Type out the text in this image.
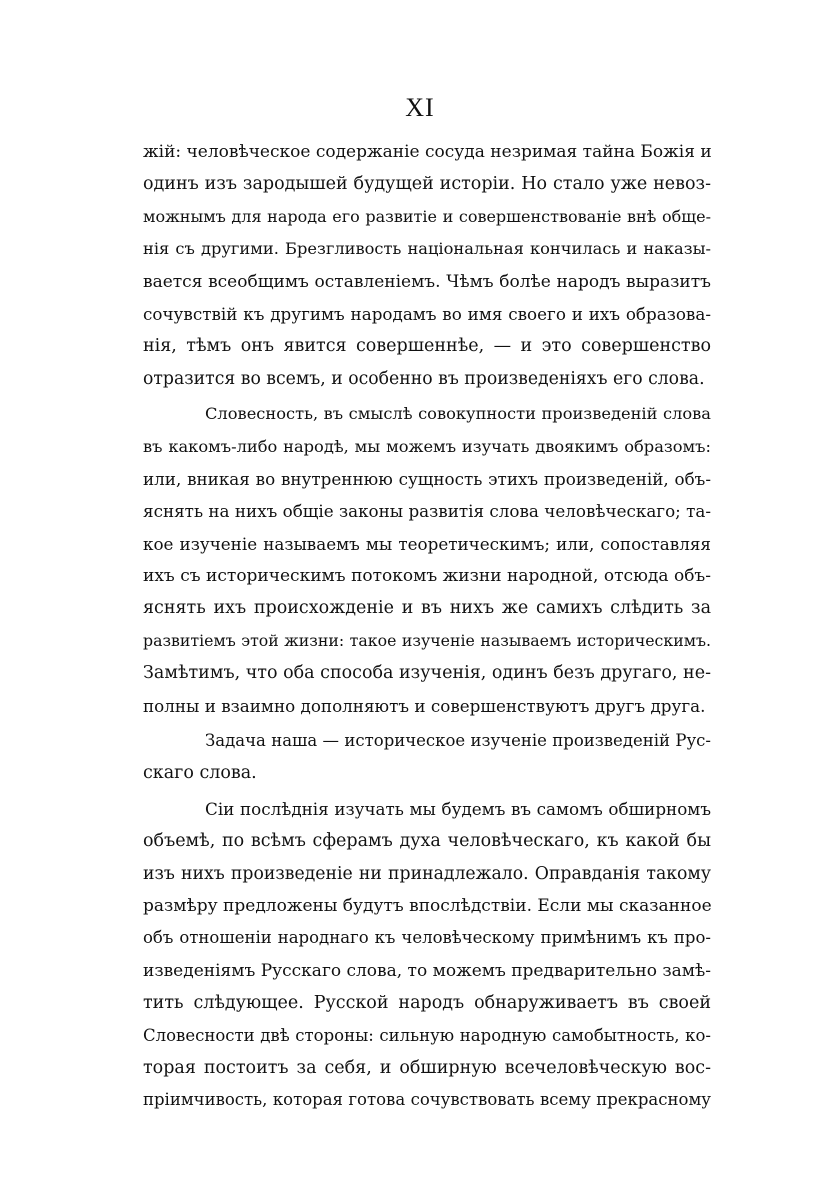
XI
жій: человѣческое содержаніе сосуда незримая тайна Божія и
одинъ изъ зародышей будущей исторіи. Но стало уже невоз-
можнымъ для народа его развитіе и совершенствованіе внѣ обще-
нія съ другими. Брезгливость національная кончилась и наказы-
вается всеобщимъ оставленіемъ. Чѣмъ болѣе народъ выразитъ
сочувствій къ другимъ народамъ во имя своего и ихъ образова-
нія, тѣмъ онъ явится совершеннѣе, — и это совершенство
отразится во всемъ, и особенно въ произведеніяхъ его слова.
Словесность, въ смыслѣ совокупности произведеній слова
въ какомъ-либо народѣ, мы можемъ изучать двоякимъ образомъ:
или, вникая во внутреннюю сущность этихъ произведеній, объ-
яснять на нихъ общіе законы развитія слова человѣческаго; та-
кое изученіе называемъ мы теоретическимъ; или, сопоставляя
ихъ съ историческимъ потокомъ жизни народной, отсюда объ-
яснять ихъ происхожденіе и въ нихъ же самихъ слѣдить за
развитіемъ этой жизни: такое изученіе называемъ историческимъ.
Замѣтимъ, что оба способа изученія, одинъ безъ другаго, не-
полны и взаимно дополняютъ и совершенствуютъ другъ друга.
Задача наша — историческое изученіе произведеній Рус-
скаго слова.
Сіи послѣднія изучать мы будемъ въ самомъ обширномъ
объемѣ, по всѣмъ сферамъ духа человѣческаго, къ какой бы
изъ нихъ произведеніе ни принадлежало. Оправданія такому
размѣру предложены будутъ впослѣдствіи. Если мы сказанное
объ отношеніи народнаго къ человѣческому примѣнимъ къ про-
изведеніямъ Русскаго слова, то можемъ предварительно замѣ-
тить слѣдующее. Русской народъ обнаруживаетъ въ своей
Словесности двѣ стороны: сильную народную самобытность, ко-
торая постоитъ за себя, и обширную всечеловѣческую вос-
пріимчивость, которая готова сочувствовать всему прекрасному
